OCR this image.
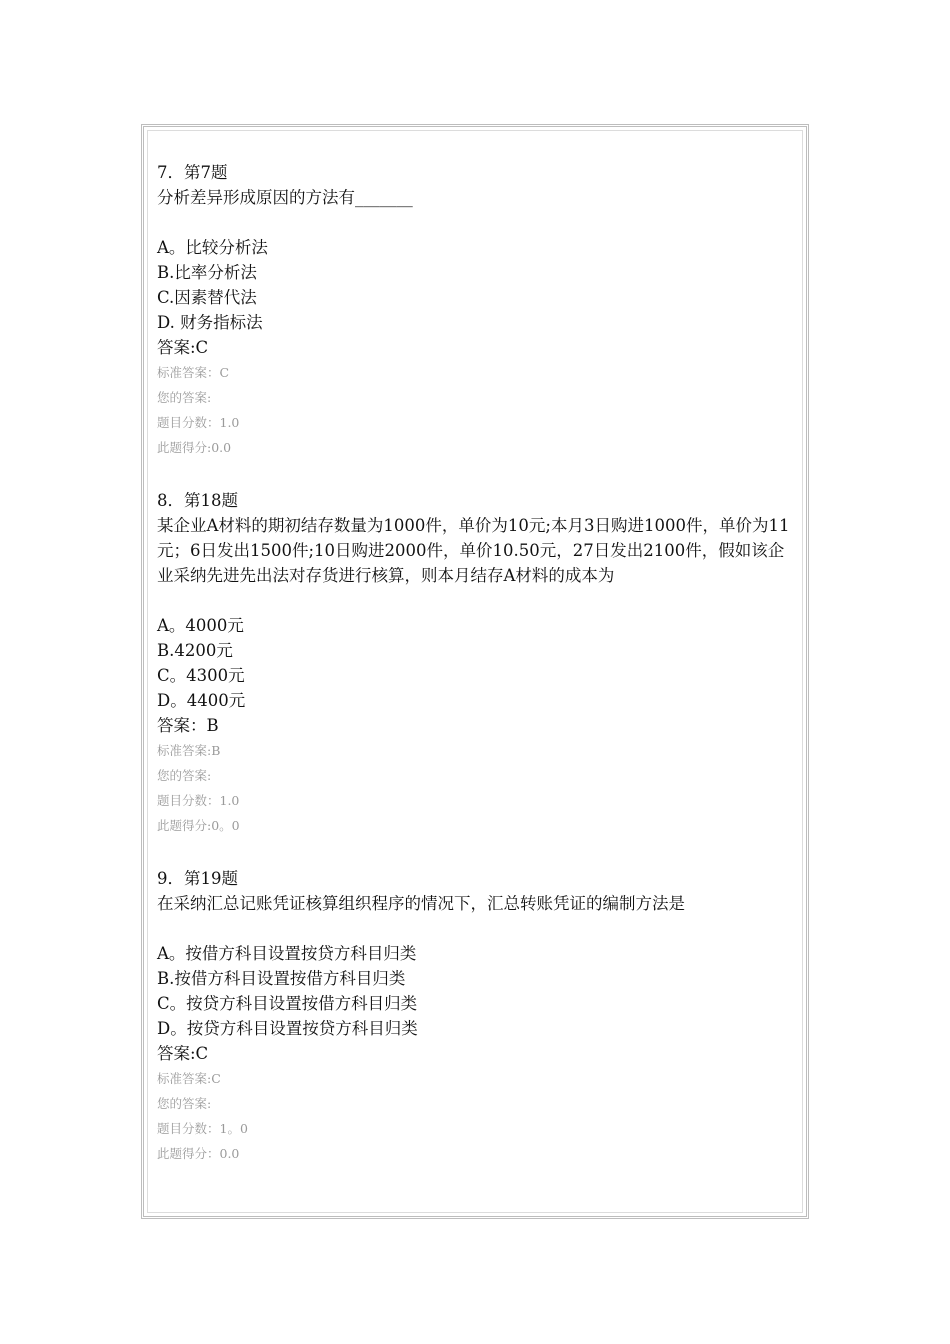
7．第7题

分析差异形成原因的方法有_______

A。比较分析法

B.比率分析法

C.因素替代法

D. 财务指标法

答案:C

标准答案：C

您的答案:

题目分数：1.0

此题得分:0.0

8．第18题

某企业A材料的期初结存数量为1000件，单价为10元;本月3日购进1000件，单价为11元；6日发出1500件;10日购进2000件，单价10.50元，27日发出2100件，假如该企业采纳先进先出法对存货进行核算，则本月结存A材料的成本为

A。4000元

B.4200元

C。4300元

D。4400元

答案：B

标准答案:B

您的答案:

题目分数：1.0

此题得分:0。0

9．第19题

在采纳汇总记账凭证核算组织程序的情况下，汇总转账凭证的编制方法是

A。按借方科目设置按贷方科目归类

B.按借方科目设置按借方科目归类

C。按贷方科目设置按借方科目归类

D。按贷方科目设置按贷方科目归类

答案:C

标准答案:C

您的答案:

题目分数：1。0

此题得分：0.0
